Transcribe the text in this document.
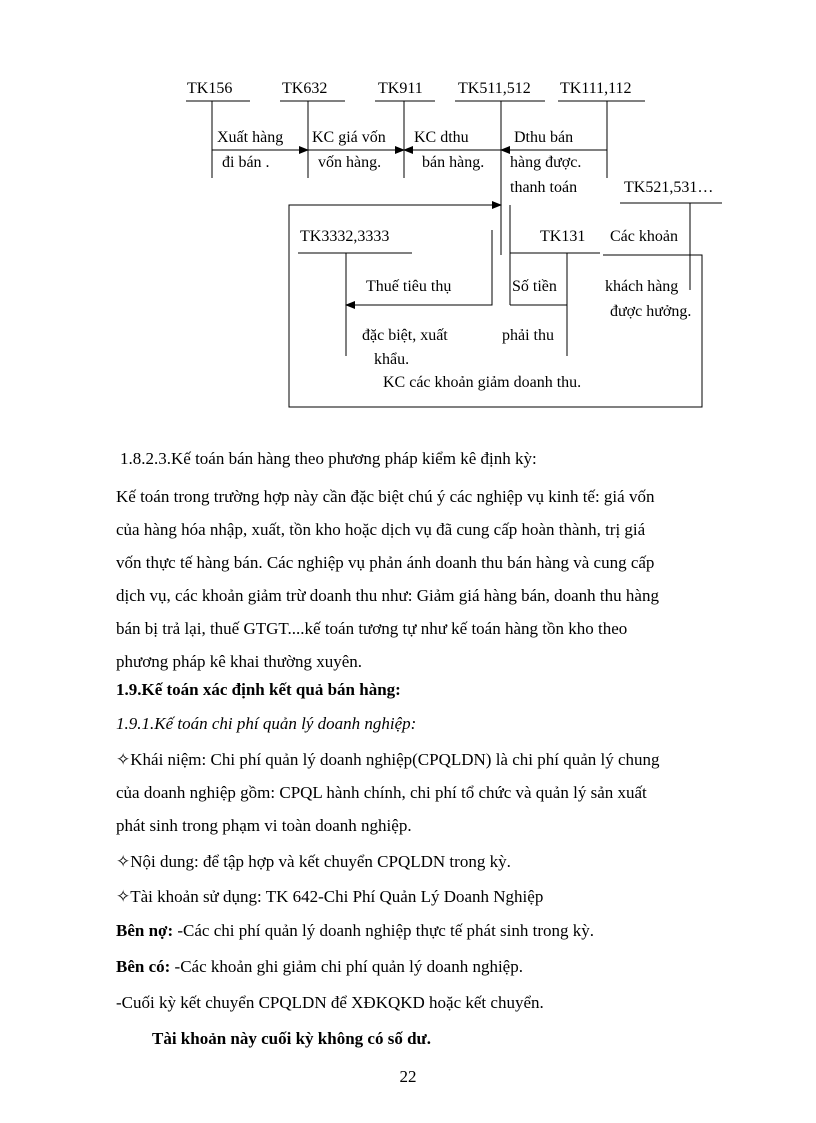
TK156	TK632	TK911 TK511,512 TK111,112
Xuất hàng
đi bán .
KC giá vốn
vốn hàng.
KC dthu
bán hàng.
Dthu bán
hàng được.
thanh toán	TK521,531…
Các khoản
khách hàng
được hưởng.
TK3332,3333
Thuế tiêu thụ
đặc biệt, xuất
khẩu.
TK131
Số tiền
phải thu
KC các khoản giảm doanh thu.
1.8.2.3.Kế toán bán hàng theo phương pháp kiểm kê định kỳ:
Kế toán trong trường hợp này cần đặc biệt chú ý các nghiệp vụ kinh tế: giá vốn
của hàng hóa nhập, xuất, tồn kho hoặc dịch vụ đã cung cấp hoàn thành, trị giá
vốn thực tế hàng bán. Các nghiệp vụ phản ánh doanh thu bán hàng và cung cấp
dịch vụ, các khoản giảm trừ doanh thu như: Giảm giá hàng bán, doanh thu hàng
bán bị trả lại, thuế GTGT....kế toán tương tự như kế toán hàng tồn kho theo
phương pháp kê khai thường xuyên.
1.9.Kế toán xác định kết quả bán hàng:
1.9.1.Kế toán chi phí quản lý doanh nghiệp:
✧Khái niệm: Chi phí quản lý doanh nghiệp(CPQLDN) là chi phí quản lý chung
của doanh nghiệp gồm: CPQL hành chính, chi phí tổ chức và quản lý sản xuất
phát sinh trong phạm vi toàn doanh nghiệp.
✧Nội dung: để tập hợp và kết chuyển CPQLDN trong kỳ.
✧Tài khoản sử dụng: TK 642-Chi Phí Quản Lý Doanh Nghiệp
Bên nợ: -Các chi phí quản lý doanh nghiệp thực tế phát sinh trong kỳ.
Bên có: -Các khoản ghi giảm chi phí quản lý doanh nghiệp.
-Cuối kỳ kết chuyển CPQLDN để XĐKQKD hoặc kết chuyển.
Tài khoản này cuối kỳ không có số dư.
22
